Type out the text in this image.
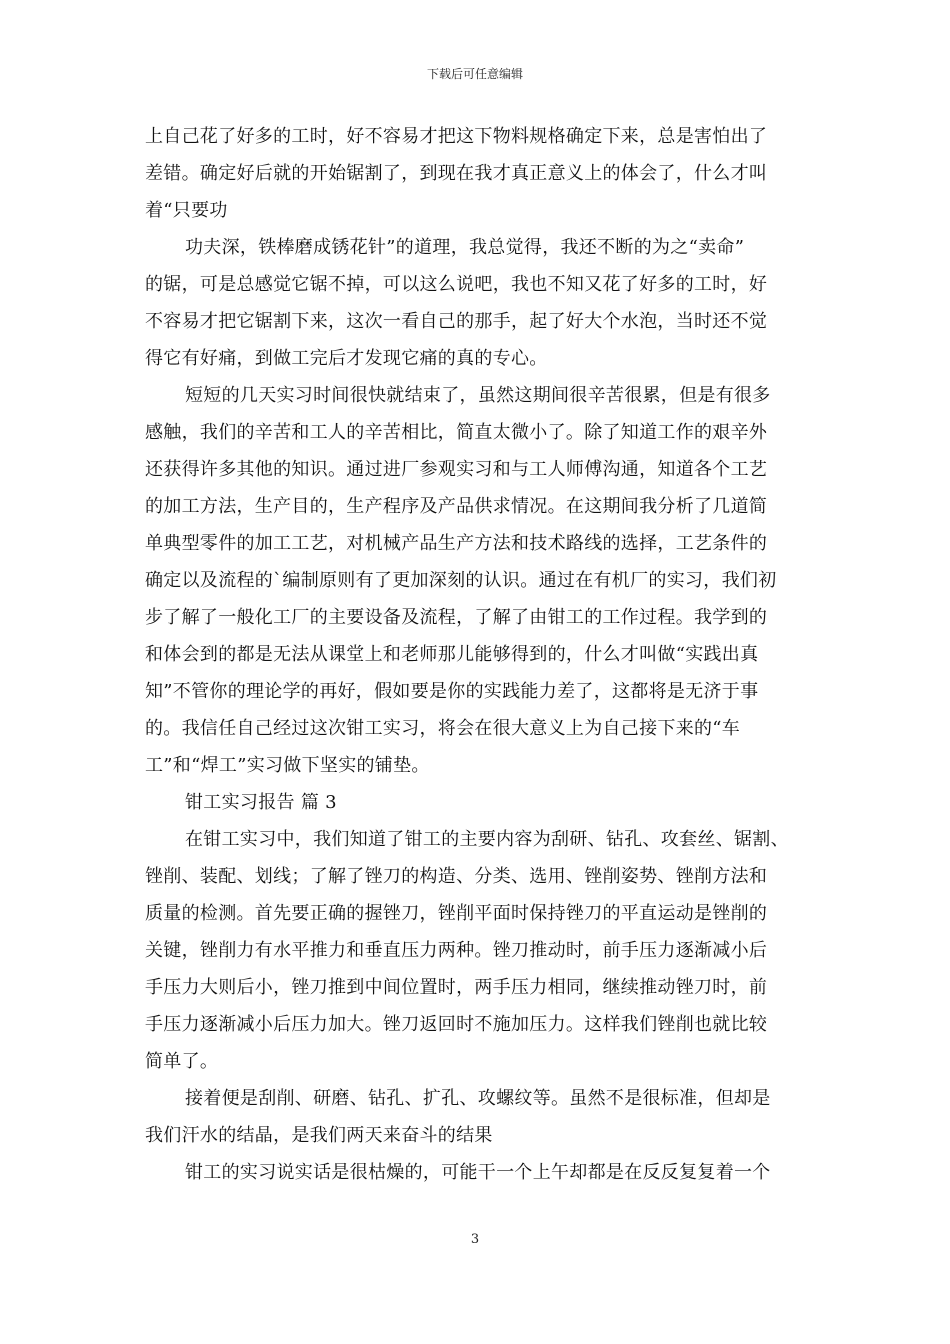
下载后可任意编辑
上自己花了好多的工时，好不容易才把这下物料规格确定下来，总是害怕出了
差错。确定好后就的开始锯割了，到现在我才真正意义上的体会了，什么才叫
着“只要功
功夫深，铁棒磨成锈花针”的道理，我总觉得，我还不断的为之“卖命”
的锯，可是总感觉它锯不掉，可以这么说吧，我也不知又花了好多的工时，好
不容易才把它锯割下来，这次一看自己的那手，起了好大个水泡，当时还不觉
得它有好痛，到做工完后才发现它痛的真的专心。
短短的几天实习时间很快就结束了，虽然这期间很辛苦很累，但是有很多
感触，我们的辛苦和工人的辛苦相比，简直太微小了。除了知道工作的艰辛外
还获得许多其他的知识。通过进厂参观实习和与工人师傅沟通，知道各个工艺
的加工方法，生产目的，生产程序及产品供求情况。在这期间我分析了几道简
单典型零件的加工工艺，对机械产品生产方法和技术路线的选择，工艺条件的
确定以及流程的`编制原则有了更加深刻的认识。通过在有机厂的实习，我们初
步了解了一般化工厂的主要设备及流程，了解了由钳工的工作过程。我学到的
和体会到的都是无法从课堂上和老师那儿能够得到的，什么才叫做“实践出真
知”不管你的理论学的再好，假如要是你的实践能力差了，这都将是无济于事
的。我信任自己经过这次钳工实习，将会在很大意义上为自己接下来的“车
工”和“焊工”实习做下坚实的铺垫。
钳工实习报告 篇 3
在钳工实习中，我们知道了钳工的主要内容为刮研、钻孔、攻套丝、锯割、
锉削、装配、划线；了解了锉刀的构造、分类、选用、锉削姿势、锉削方法和
质量的检测。首先要正确的握锉刀，锉削平面时保持锉刀的平直运动是锉削的
关键，锉削力有水平推力和垂直压力两种。锉刀推动时，前手压力逐渐减小后
手压力大则后小，锉刀推到中间位置时，两手压力相同，继续推动锉刀时，前
手压力逐渐减小后压力加大。锉刀返回时不施加压力。这样我们锉削也就比较
简单了。
接着便是刮削、研磨、钻孔、扩孔、攻螺纹等。虽然不是很标准，但却是
我们汗水的结晶，是我们两天来奋斗的结果
钳工的实习说实话是很枯燥的，可能干一个上午却都是在反反复复着一个
3
